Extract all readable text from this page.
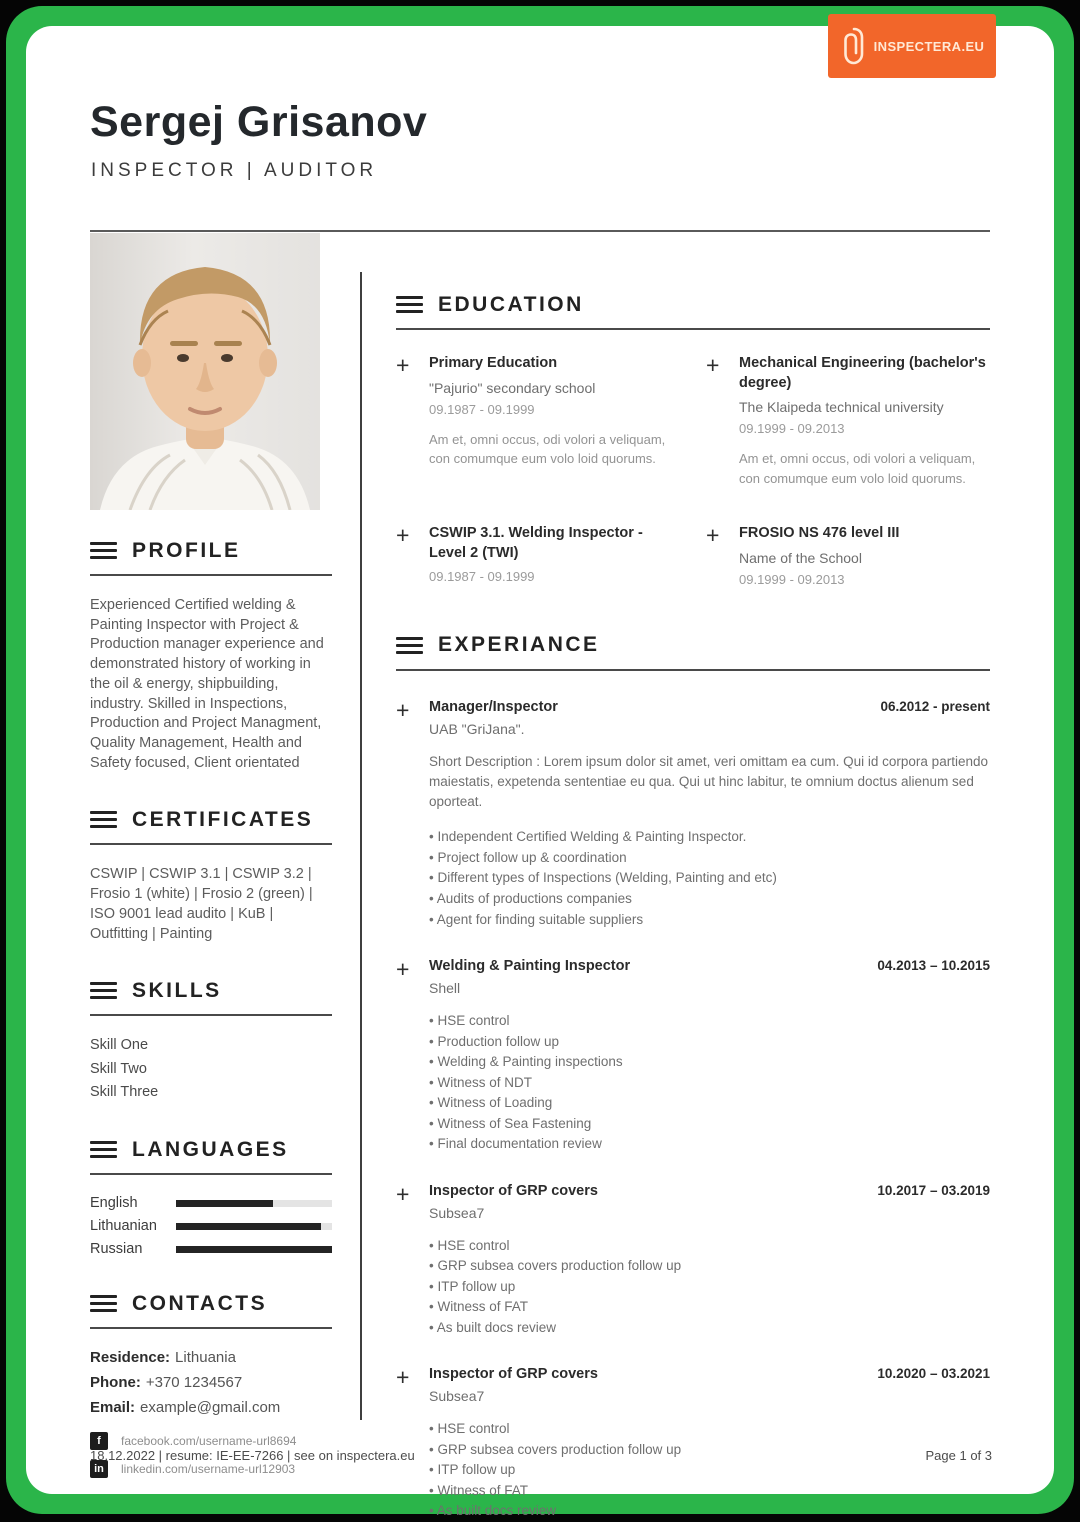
INSPECTERA.EU
Sergej Grisanov
INSPECTOR | AUDITOR
PROFILE
Experienced Certified welding & Painting Inspector with Project & Production manager experience and demonstrated history of working in the oil & energy, shipbuilding, industry. Skilled in Inspections, Production and Project Managment, Quality Management, Health and Safety focused, Client orientated
CERTIFICATES
CSWIP | CSWIP 3.1 | CSWIP 3.2 | Frosio 1 (white) | Frosio 2 (green) | ISO 9001 lead audito | KuB | Outfitting | Painting
SKILLS
Skill One
Skill Two
Skill Three
LANGUAGES
English
Lithuanian
Russian
CONTACTS
Residence: Lithuania
Phone: +370 1234567
Email: example@gmail.com
f	facebook.com/username-url8694
in	linkedin.com/username-url12903
EDUCATION
+	Primary Education
"Pajurio" secondary school
09.1987 - 09.1999
Am et, omni occus, odi volori a veliquam, con comumque eum volo loid quorums.
+	Mechanical Engineering (bachelor's degree)
The Klaipeda technical university
09.1999 - 09.2013
Am et, omni occus, odi volori a veliquam, con comumque eum volo loid quorums.
+	CSWIP 3.1. Welding Inspector - Level 2 (TWI)
09.1987 - 09.1999
+	FROSIO NS 476 level III
Name of the School
09.1999 - 09.2013
EXPERIANCE
+	Manager/Inspector	06.2012 - present
UAB "GriJana".
Short Description : Lorem ipsum dolor sit amet, veri omittam ea cum. Qui id corpora partiendo maiestatis, expetenda sententiae eu qua. Qui ut hinc labitur, te omnium doctus alienum sed oporteat.
• Independent Certified Welding & Painting Inspector.
• Project follow up & coordination
• Different types of Inspections (Welding, Painting and etc)
• Audits of productions companies
• Agent for finding suitable suppliers
+	Welding & Painting Inspector	04.2013 – 10.2015
Shell
• HSE control
• Production follow up
• Welding & Painting inspections
• Witness of NDT
• Witness of Loading
• Witness of Sea Fastening
• Final documentation review
+	Inspector of GRP covers	10.2017 – 03.2019
Subsea7
• HSE control
• GRP subsea covers production follow up
• ITP follow up
• Witness of FAT
• As built docs review
+	Inspector of GRP covers	10.2020 – 03.2021
Subsea7
• HSE control
• GRP subsea covers production follow up
• ITP follow up
• Witness of FAT
• As built docs review
18.12.2022 | resume: IE-EE-7266 | see on inspectera.eu	Page 1 of 3
